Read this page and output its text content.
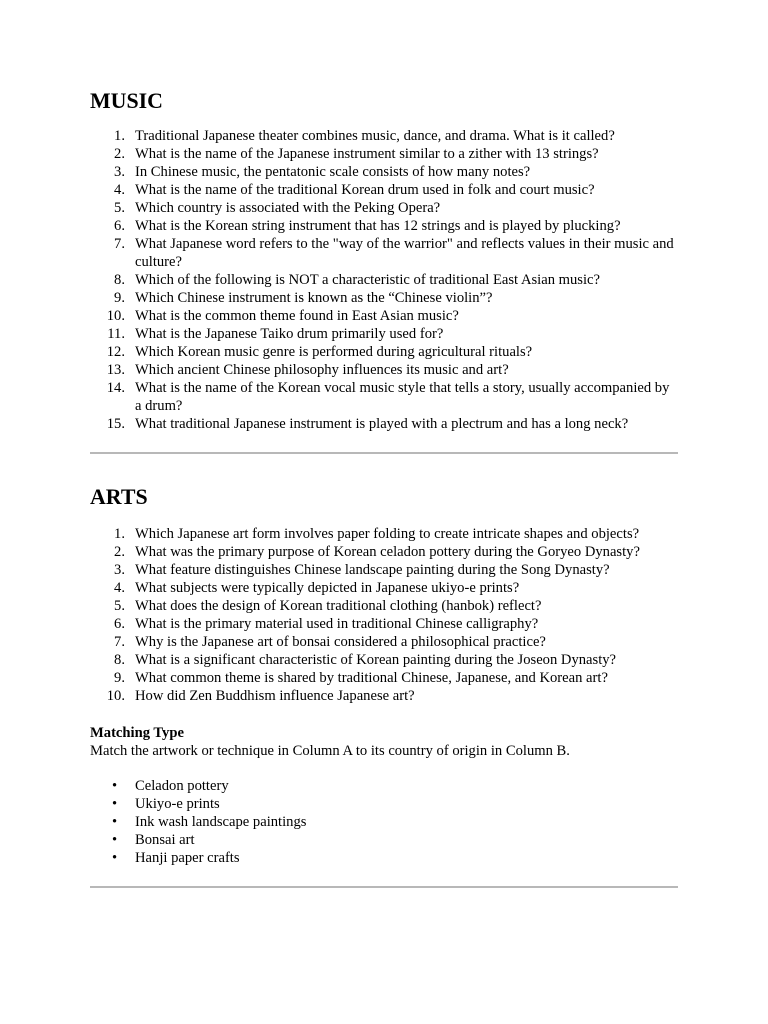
MUSIC
1. Traditional Japanese theater combines music, dance, and drama. What is it called?
2. What is the name of the Japanese instrument similar to a zither with 13 strings?
3. In Chinese music, the pentatonic scale consists of how many notes?
4. What is the name of the traditional Korean drum used in folk and court music?
5. Which country is associated with the Peking Opera?
6. What is the Korean string instrument that has 12 strings and is played by plucking?
7. What Japanese word refers to the "way of the warrior" and reflects values in their music and culture?
8. Which of the following is NOT a characteristic of traditional East Asian music?
9. Which Chinese instrument is known as the “Chinese violin”?
10. What is the common theme found in East Asian music?
11. What is the Japanese Taiko drum primarily used for?
12. Which Korean music genre is performed during agricultural rituals?
13. Which ancient Chinese philosophy influences its music and art?
14. What is the name of the Korean vocal music style that tells a story, usually accompanied by a drum?
15. What traditional Japanese instrument is played with a plectrum and has a long neck?
ARTS
1. Which Japanese art form involves paper folding to create intricate shapes and objects?
2. What was the primary purpose of Korean celadon pottery during the Goryeo Dynasty?
3. What feature distinguishes Chinese landscape painting during the Song Dynasty?
4. What subjects were typically depicted in Japanese ukiyo-e prints?
5. What does the design of Korean traditional clothing (hanbok) reflect?
6. What is the primary material used in traditional Chinese calligraphy?
7. Why is the Japanese art of bonsai considered a philosophical practice?
8. What is a significant characteristic of Korean painting during the Joseon Dynasty?
9. What common theme is shared by traditional Chinese, Japanese, and Korean art?
10. How did Zen Buddhism influence Japanese art?

Matching Type

Match the artwork or technique in Column A to its country of origin in Column B.

• Celadon pottery
• Ukiyo-e prints
• Ink wash landscape paintings
• Bonsai art
• Hanji paper crafts
